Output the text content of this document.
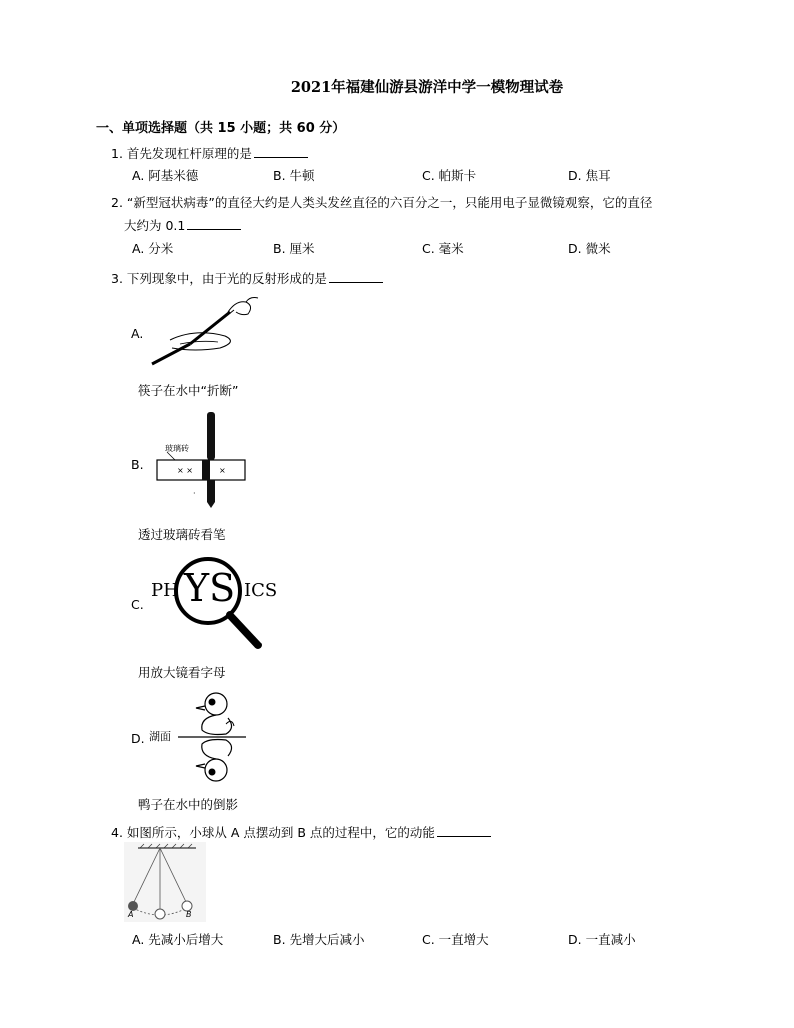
2021年福建仙游县游洋中学一模物理试卷
一、单项选择题（共 15 小题；共 60 分）
1. 首先发现杠杆原理的是
A. 阿基米德	B. 牛顿	C. 帕斯卡	D. 焦耳
2. “新型冠状病毒”的直径大约是人类头发丝直径的六百分之一，只能用电子显微镜观察，它的直径
大约为 0.1
A. 分米	B. 厘米	C. 毫米	D. 微米
3. 下列现象中，由于光的反射形成的是
A.
筷子在水中“折断”
B.	× ×	×
·
玻璃砖
透过玻璃砖看笔
C.
PH YS ICS
用放大镜看字母
D. 湖面
鸭子在水中的倒影
4. 如图所示，小球从 A 点摆动到 B 点的过程中，它的动能
A	B
A. 先减小后增大	B. 先增大后减小	C. 一直增大	D. 一直减小
